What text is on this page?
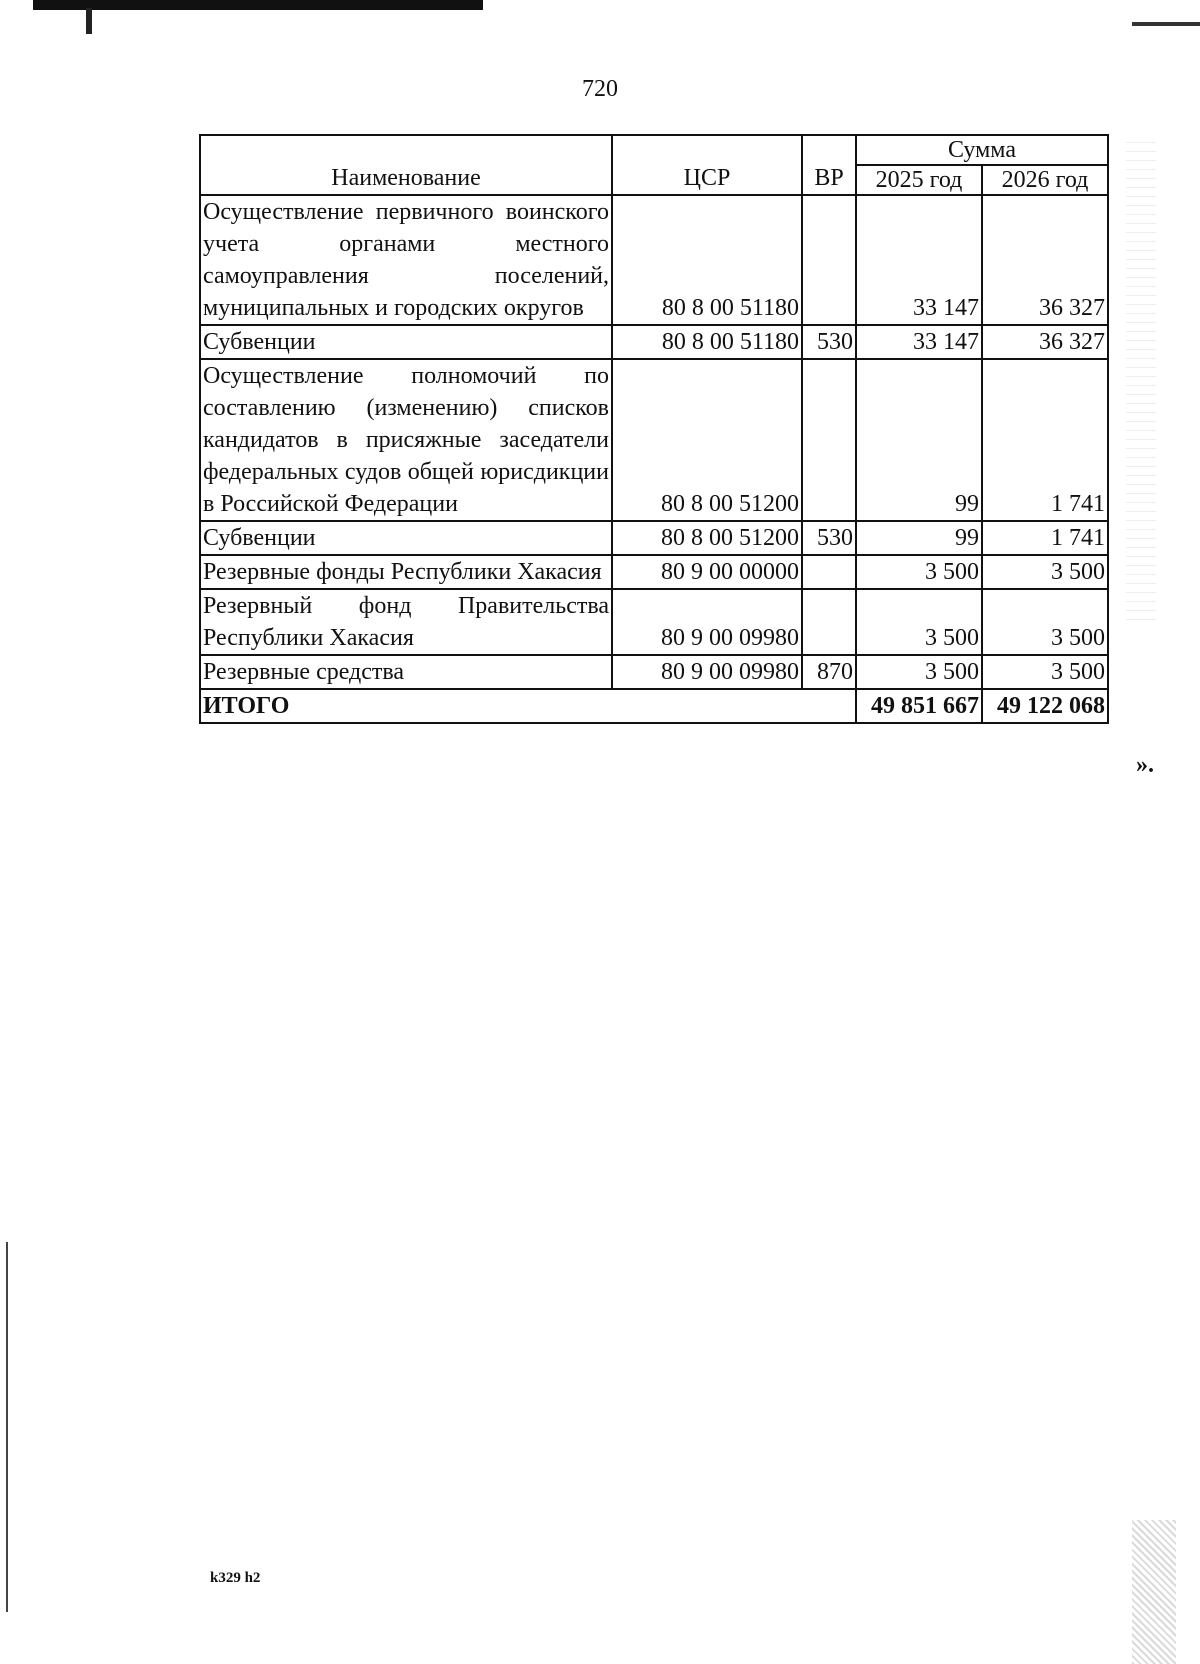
720
Наименование	ЦСР	ВР	Сумма	
			2025 год	2026 год
Осуществление первичного воинского учета органами местного самоуправления поселений, муниципальных и городских округов	80 8 00 51180		33 147	36 327
Субвенции	80 8 00 51180	530	33 147	36 327
Осуществление полномочий по составлению (изменению) списков кандидатов в присяжные заседатели федеральных судов общей юрисдикции в Российской Федерации	80 8 00 51200		99	1 741
Субвенции	80 8 00 51200	530	99	1 741
Резервные фонды Республики Хакасия	80 9 00 00000		3 500	3 500
Резервный фонд Правительства Республики Хакасия	80 9 00 09980		3 500	3 500
Резервные средства	80 9 00 09980	870	3 500	3 500
ИТОГО			49 851 667	49 122 068
».
k329 h2
